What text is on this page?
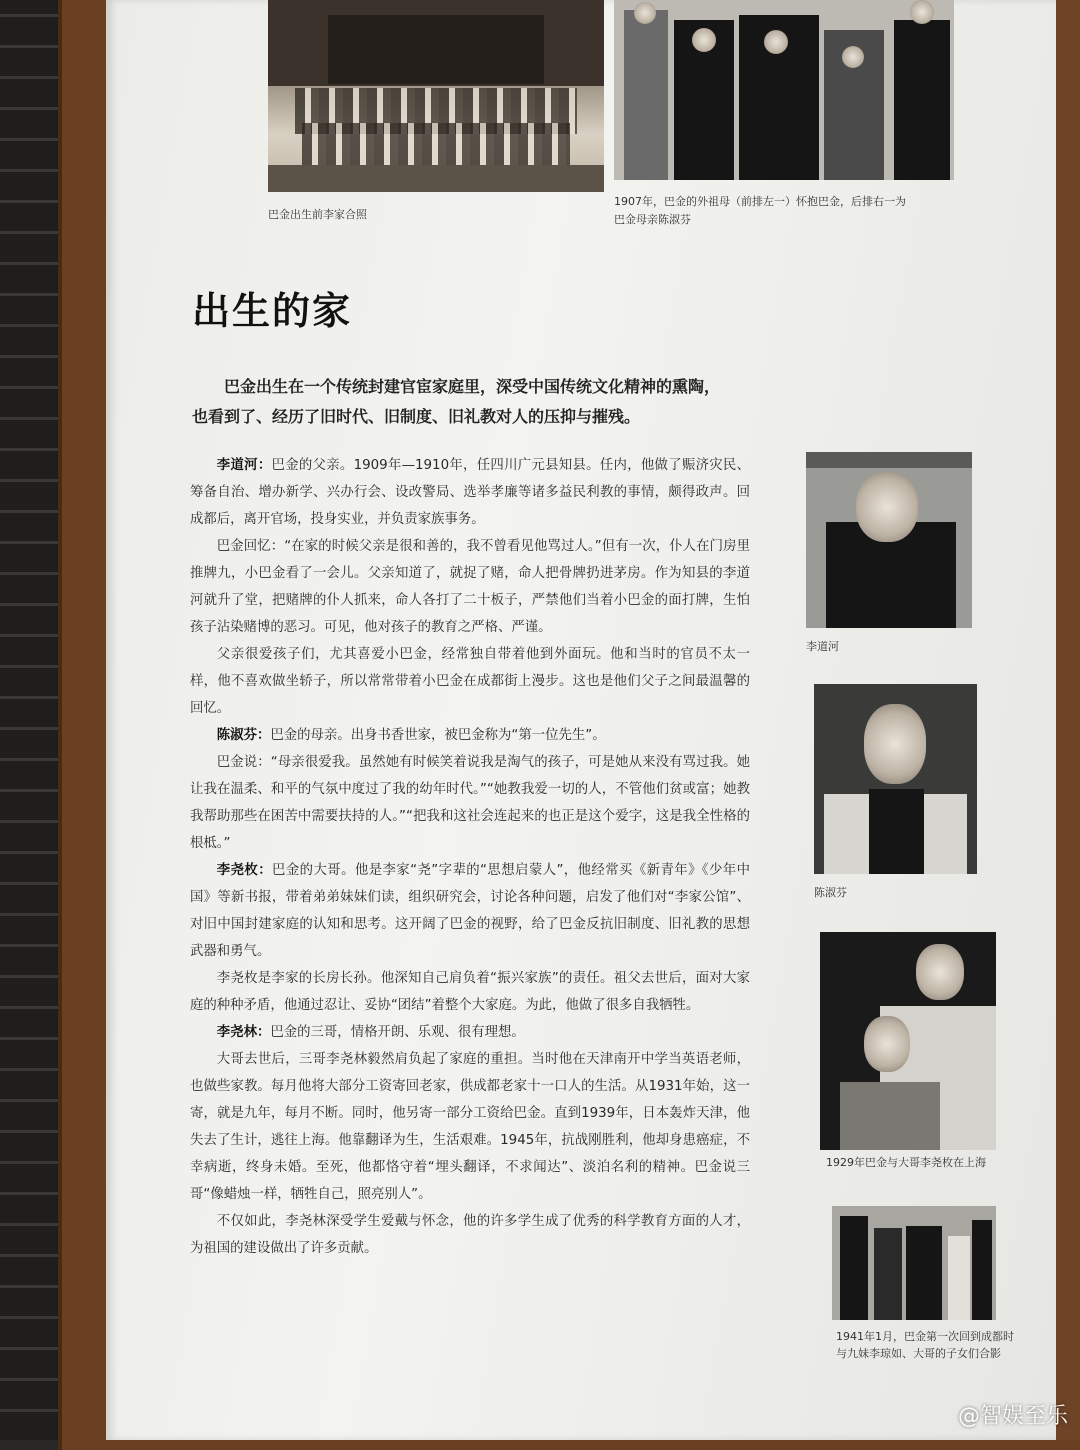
巴金出生前李家合照
1907年，巴金的外祖母（前排左一）怀抱巴金，后排右一为
巴金母亲陈淑芬
出生的家

巴金出生在一个传统封建官宦家庭里，深受中国传统文化精神的熏陶，

也看到了、经历了旧时代、旧制度、旧礼教对人的压抑与摧残。

李道河：巴金的父亲。1909年—1910年，任四川广元县知县。任内，他做了赈济灾民、筹备自治、增办新学、兴办行会、设改警局、选举孝廉等诸多益民利教的事情，颇得政声。回成都后，离开官场，投身实业，并负责家族事务。

巴金回忆：“在家的时候父亲是很和善的，我不曾看见他骂过人。”但有一次，仆人在门房里推牌九，小巴金看了一会儿。父亲知道了，就捉了赌，命人把骨牌扔进茅房。作为知县的李道河就升了堂，把赌牌的仆人抓来，命人各打了二十板子，严禁他们当着小巴金的面打牌，生怕孩子沾染赌博的恶习。可见，他对孩子的教育之严格、严谨。

父亲很爱孩子们，尤其喜爱小巴金，经常独自带着他到外面玩。他和当时的官员不太一样，他不喜欢做坐轿子，所以常常带着小巴金在成都街上漫步。这也是他们父子之间最温馨的回忆。

陈淑芬：巴金的母亲。出身书香世家，被巴金称为“第一位先生”。

巴金说：“母亲很爱我。虽然她有时候笑着说我是淘气的孩子，可是她从来没有骂过我。她让我在温柔、和平的气氛中度过了我的幼年时代。”“她教我爱一切的人，不管他们贫或富；她教我帮助那些在困苦中需要扶持的人。”“把我和这社会连起来的也正是这个爱字，这是我全性格的根柢。”

李尧枚：巴金的大哥。他是李家“尧”字辈的“思想启蒙人”，他经常买《新青年》《少年中国》等新书报，带着弟弟妹妹们读，组织研究会，讨论各种问题，启发了他们对“李家公馆”、对旧中国封建家庭的认知和思考。这开阔了巴金的视野，给了巴金反抗旧制度、旧礼教的思想武器和勇气。

李尧枚是李家的长房长孙。他深知自己肩负着“振兴家族”的责任。祖父去世后，面对大家庭的种种矛盾，他通过忍让、妥协“团结”着整个大家庭。为此，他做了很多自我牺牲。

李尧林：巴金的三哥，情格开朗、乐观、很有理想。

大哥去世后，三哥李尧林毅然肩负起了家庭的重担。当时他在天津南开中学当英语老师，也做些家教。每月他将大部分工资寄回老家，供成都老家十一口人的生活。从1931年始，这一寄，就是九年，每月不断。同时，他另寄一部分工资给巴金。直到1939年，日本轰炸天津，他失去了生计，逃往上海。他靠翻译为生，生活艰难。1945年，抗战刚胜利，他却身患癌症，不幸病逝，终身未婚。至死，他都恪守着“埋头翻译，不求闻达”、淡泊名利的精神。巴金说三哥“像蜡烛一样，牺牲自己，照亮别人”。

不仅如此，李尧林深受学生爱戴与怀念，他的许多学生成了优秀的科学教育方面的人才，为祖国的建设做出了许多贡献。

李道河
陈淑芬
1929年巴金与大哥李尧枚在上海
1941年1月，巴金第一次回到成都时
与九妹李琼如、大哥的子女们合影
@智娱至乐
